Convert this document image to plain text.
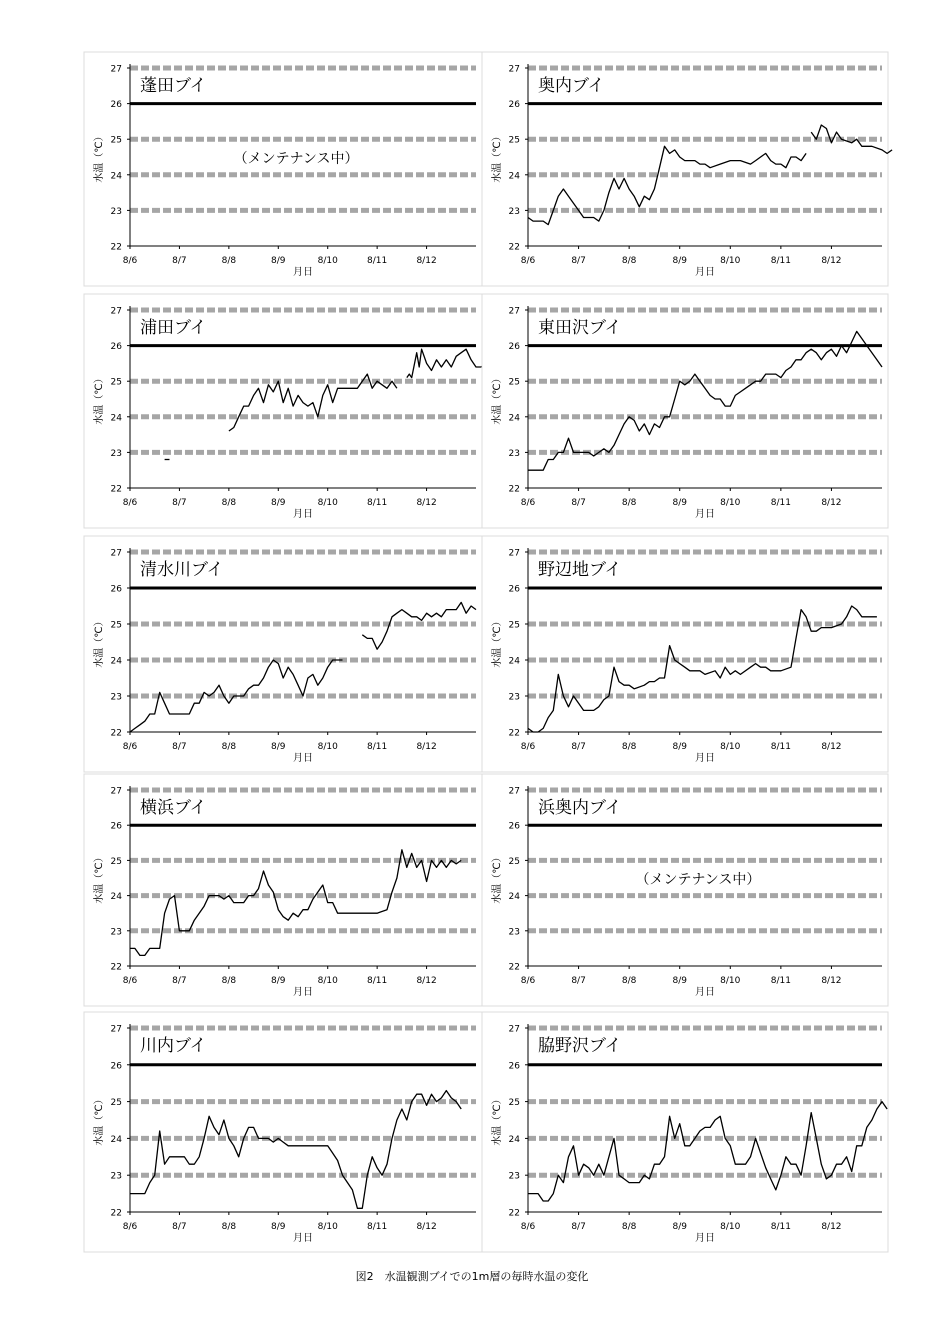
22
23
24
25
26
27
8/6	8/7	8/8	8/9	8/10	8/11	8/12
月日
水温（℃）
蓬田ブイ
（メンテナンス中）
22
23
24
25
26
27
8/6	8/7	8/8	8/9	8/10	8/11	8/12
月日
水温（℃）
奥内ブイ
22
23
24
25
26
27
8/6	8/7	8/8	8/9	8/10	8/11	8/12
月日
水温（℃）
浦田ブイ
22
23
24
25
26
27
8/6	8/7	8/8	8/9	8/10	8/11	8/12
月日
水温（℃）
東田沢ブイ
22
23
24
25
26
27
8/6	8/7	8/8	8/9	8/10	8/11	8/12
月日
水温（℃）
清水川ブイ
22
23
24
25
26
27
8/6	8/7	8/8	8/9	8/10	8/11	8/12
月日
水温（℃）
野辺地ブイ
22
23
24
25
26
27
8/6	8/7	8/8	8/9	8/10	8/11	8/12
月日
水温（℃）
横浜ブイ
22
23
24
25
26
27
8/6	8/7	8/8	8/9	8/10	8/11	8/12
月日
水温（℃）
浜奥内ブイ
（メンテナンス中）
22
23
24
25
26
27
8/6	8/7	8/8	8/9	8/10	8/11	8/12
月日
水温（℃）
川内ブイ
22
23
24
25
26
27
8/6	8/7	8/8	8/9	8/10	8/11	8/12
月日
水温（℃）
脇野沢ブイ
図2　水温観測ブイでの1m層の毎時水温の変化
